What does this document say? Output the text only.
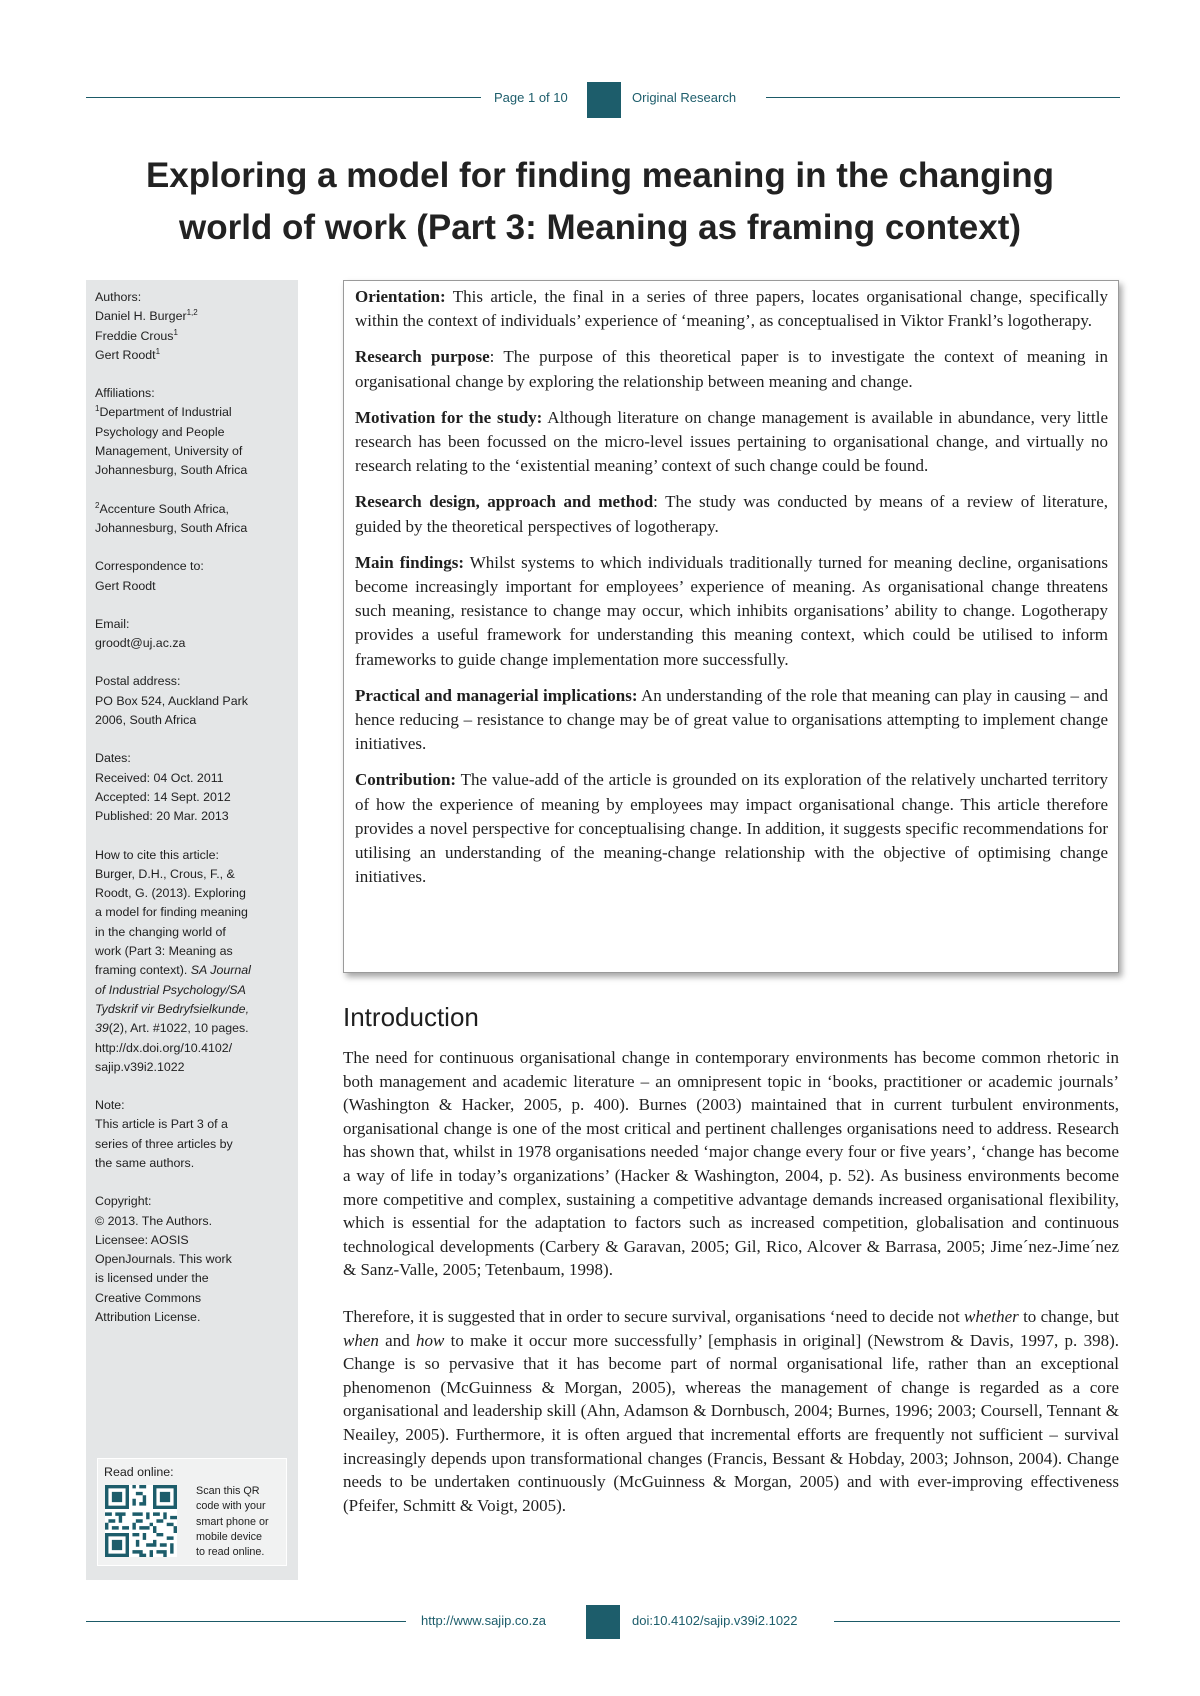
Page 1 of 10	Original Research
Exploring a model for finding meaning in the changing
world of work (Part 3: Meaning as framing context)
Authors:
Daniel H. Burger$^{1,2}$
Freddie Crous$^1$
Gert Roodt$^1$
Affiliations:
$^1$Department of Industrial
Psychology and People
Management, University of
Johannesburg, South Africa
$^2$Accenture South Africa,
Johannesburg, South Africa
Correspondence to:
Gert Roodt
Email:
groodt@uj.ac.za
Postal address:
PO Box 524, Auckland Park
2006, South Africa
Dates:
Received: 04 Oct. 2011
Accepted: 14 Sept. 2012
Published: 20 Mar. 2013
How to cite this article:
Burger, D.H., Crous, F., &
Roodt, G. (2013). Exploring
a model for finding meaning
in the changing world of
work (Part 3: Meaning as
framing context). SA Journal
of Industrial Psychology/SA
Tydskrif vir Bedryfsielkunde,
39(2), Art. #1022, 10 pages.
http://dx.doi.org/10.4102/
sajip.v39i2.1022
Note:
This article is Part 3 of a
series of three articles by
the same authors.
Copyright:
© 2013. The Authors.
Licensee: AOSIS
OpenJournals. This work
is licensed under the
Creative Commons
Attribution License.
Read online:
Scan this QR
code with your
smart phone or
mobile device
to read online.

Orientation: This article, the final in a series of three papers, locates organisational change, specifically within the context of individuals’ experience of ‘meaning’, as conceptualised in Viktor Frankl’s logotherapy.

Research purpose: The purpose of this theoretical paper is to investigate the context of meaning in organisational change by exploring the relationship between meaning and change.

Motivation for the study: Although literature on change management is available in abundance, very little research has been focussed on the micro-level issues pertaining to organisational change, and virtually no research relating to the ‘existential meaning’ context of such change could be found.

Research design, approach and method: The study was conducted by means of a review of literature, guided by the theoretical perspectives of logotherapy.

Main findings: Whilst systems to which individuals traditionally turned for meaning decline, organisations become increasingly important for employees’ experience of meaning. As organisational change threatens such meaning, resistance to change may occur, which inhibits organisations’ ability to change. Logotherapy provides a useful framework for understanding this meaning context, which could be utilised to inform frameworks to guide change implementation more successfully.

Practical and managerial implications: An understanding of the role that meaning can play in causing – and hence reducing – resistance to change may be of great value to organisations attempting to implement change initiatives.

Contribution: The value-add of the article is grounded on its exploration of the relatively uncharted territory of how the experience of meaning by employees may impact organisational change. This article therefore provides a novel perspective for conceptualising change. In addition, it suggests specific recommendations for utilising an understanding of the meaning-change relationship with the objective of optimising change initiatives.

Introduction

The need for continuous organisational change in contemporary environments has become common rhetoric in both management and academic literature – an omnipresent topic in ‘books, practitioner or academic journals’ (Washington & Hacker, 2005, p. 400). Burnes (2003) maintained that in current turbulent environments, organisational change is one of the most critical and pertinent challenges organisations need to address. Research has shown that, whilst in 1978 organisations needed ‘major change every four or five years’, ‘change has become a way of life in today’s organizations’ (Hacker & Washington, 2004, p. 52). As business environments become more competitive and complex, sustaining a competitive advantage demands increased organisational flexibility, which is essential for the adaptation to factors such as increased competition, globalisation and continuous technological developments (Carbery & Garavan, 2005; Gil, Rico, Alcover & Barrasa, 2005; Jime´nez-Jime´nez & Sanz-Valle, 2005; Tetenbaum, 1998).

Therefore, it is suggested that in order to secure survival, organisations ‘need to decide not whether to change, but when and how to make it occur more successfully’ [emphasis in original] (Newstrom & Davis, 1997, p. 398). Change is so pervasive that it has become part of normal organisational life, rather than an exceptional phenomenon (McGuinness & Morgan, 2005), whereas the management of change is regarded as a core organisational and leadership skill (Ahn, Adamson & Dornbusch, 2004; Burnes, 1996; 2003; Coursell, Tennant & Neailey, 2005). Furthermore, it is often argued that incremental efforts are frequently not sufficient – survival increasingly depends upon transformational changes (Francis, Bessant & Hobday, 2003; Johnson, 2004). Change needs to be undertaken continuously (McGuinness & Morgan, 2005) and with ever-improving effectiveness (Pfeifer, Schmitt & Voigt, 2005).

http://www.sajip.co.za	doi:10.4102/sajip.v39i2.1022
